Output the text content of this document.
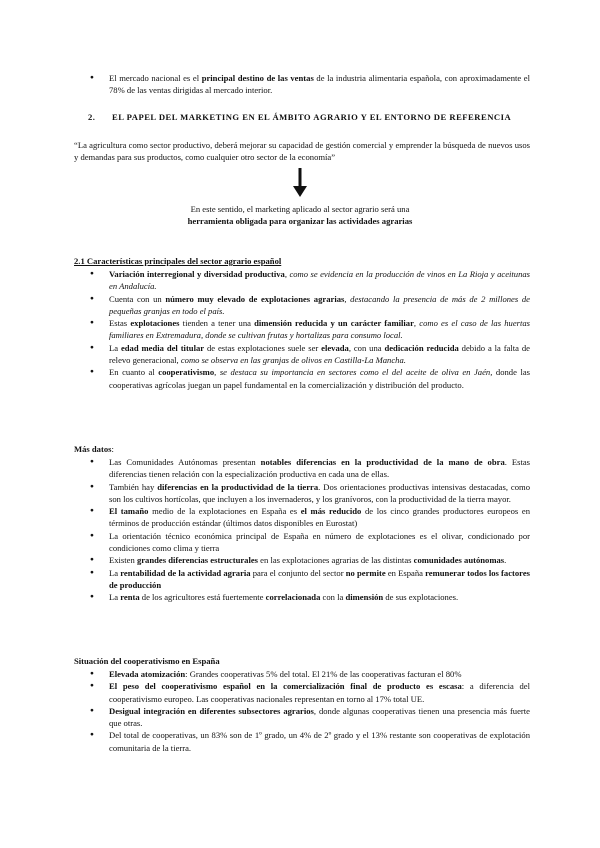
● El mercado nacional es el principal destino de las ventas de la industria alimentaria española, con aproximadamente el 78% de las ventas dirigidas al mercado interior.
2. EL PAPEL DEL MARKETING EN EL ÁMBITO AGRARIO Y EL ENTORNO DE REFERENCIA
“La agricultura como sector productivo, deberá mejorar su capacidad de gestión comercial y emprender la búsqueda de nuevos usos y demandas para sus productos, como cualquier otro sector de la economía”
En este sentido, el marketing aplicado al sector agrario será una
herramienta obligada para organizar las actividades agrarias
2.1 Características principales del sector agrario español
● Variación interregional y diversidad productiva, como se evidencia en la producción de vinos en La Rioja y aceitunas en Andalucía.
● Cuenta con un número muy elevado de explotaciones agrarias, destacando la presencia de más de 2 millones de pequeñas granjas en todo el país.
● Estas explotaciones tienden a tener una dimensión reducida y un carácter familiar, como es el caso de las huertas familiares en Extremadura, donde se cultivan frutas y hortalizas para consumo local.
● La edad media del titular de estas explotaciones suele ser elevada, con una dedicación reducida debido a la falta de relevo generacional, como se observa en las granjas de olivos en Castilla-La Mancha.
● En cuanto al cooperativismo, se destaca su importancia en sectores como el del aceite de oliva en Jaén, donde las cooperativas agrícolas juegan un papel fundamental en la comercialización y distribución del producto.
Más datos:
● Las Comunidades Autónomas presentan notables diferencias en la productividad de la mano de obra. Estas diferencias tienen relación con la especialización productiva en cada una de ellas.
● También hay diferencias en la productividad de la tierra. Dos orientaciones productivas intensivas destacadas, como son los cultivos hortícolas, que incluyen a los invernaderos, y los granívoros, con la productividad de la tierra mayor.
● El tamaño medio de la explotaciones en España es el más reducido de los cinco grandes productores europeos en términos de producción estándar (últimos datos disponibles en Eurostat)
● La orientación técnico económica principal de España en número de explotaciones es el olivar, condicionado por condiciones como clima y tierra
● Existen grandes diferencias estructurales en las explotaciones agrarias de las distintas comunidades autónomas.
● La rentabilidad de la actividad agraria para el conjunto del sector no permite en España remunerar todos los factores de producción
● La renta de los agricultores está fuertemente correlacionada con la dimensión de sus explotaciones.
Situación del cooperativismo en España
● Elevada atomización: Grandes cooperativas 5% del total. El 21% de las cooperativas facturan el 80%
● El peso del cooperativismo español en la comercialización final de producto es escasa: a diferencia del cooperativismo europeo. Las cooperativas nacionales representan en torno al 17% total UE.
● Desigual integración en diferentes subsectores agrarios, donde algunas cooperativas tienen una presencia más fuerte que otras.
● Del total de cooperativas, un 83% son de 1º grado, un 4% de 2º grado y el 13% restante son cooperativas de explotación comunitaria de la tierra.
